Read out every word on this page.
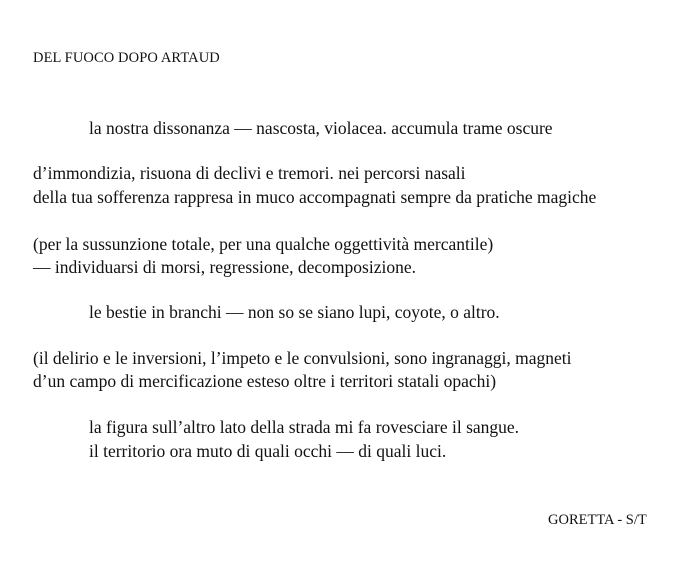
DEL FUOCO DOPO ARTAUD
la nostra dissonanza — nascosta, violacea. accumula trame oscure
d’immondizia, risuona di declivi e tremori. nei percorsi nasali
della tua sofferenza rappresa in muco accompagnati sempre da pratiche magiche
(per la sussunzione totale, per una qualche oggettività mercantile)
— individuarsi di morsi, regressione, decomposizione.
le bestie in branchi — non so se siano lupi, coyote, o altro.
(il delirio e le inversioni, l’impeto e le convulsioni, sono ingranaggi, magneti
d’un campo di mercificazione esteso oltre i territori statali opachi)
la figura sull’altro lato della strada mi fa rovesciare il sangue.
il territorio ora muto di quali occhi — di quali luci.
GORETTA - S/T
